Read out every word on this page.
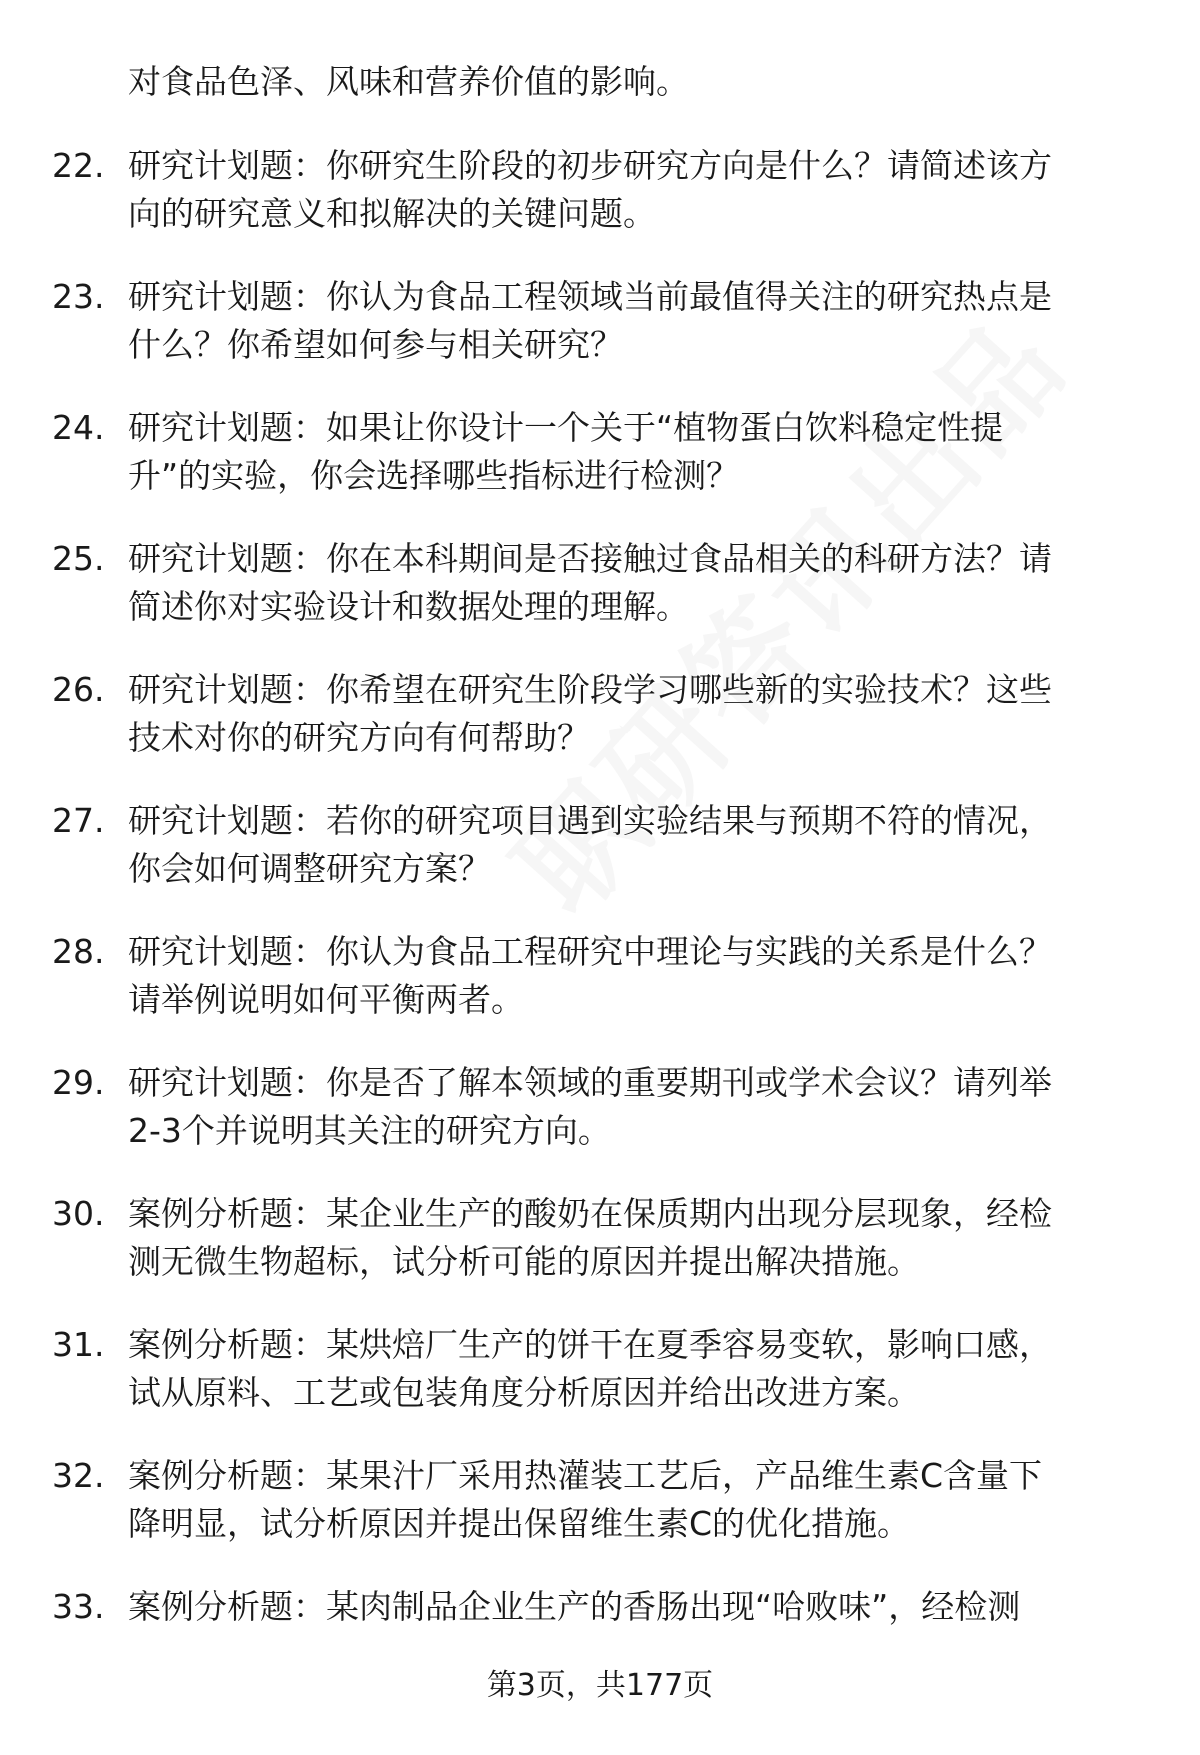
对食品色泽、风味和营养价值的影响。
22. 研究计划题：你研究生阶段的初步研究方向是什么？请简述该方
向的研究意义和拟解决的关键问题。
23. 研究计划题：你认为食品工程领域当前最值得关注的研究热点是
什么？你希望如何参与相关研究？
24. 研究计划题：如果让你设计一个关于“植物蛋白饮料稳定性提
升”的实验，你会选择哪些指标进行检测？
25. 研究计划题：你在本科期间是否接触过食品相关的科研方法？请
简述你对实验设计和数据处理的理解。
26. 研究计划题：你希望在研究生阶段学习哪些新的实验技术？这些
技术对你的研究方向有何帮助？
27. 研究计划题：若你的研究项目遇到实验结果与预期不符的情况，
你会如何调整研究方案？
28. 研究计划题：你认为食品工程研究中理论与实践的关系是什么？
请举例说明如何平衡两者。
29. 研究计划题：你是否了解本领域的重要期刊或学术会议？请列举
2-3个并说明其关注的研究方向。
30. 案例分析题：某企业生产的酸奶在保质期内出现分层现象，经检
测无微生物超标，试分析可能的原因并提出解决措施。
31. 案例分析题：某烘焙厂生产的饼干在夏季容易变软，影响口感，
试从原料、工艺或包装角度分析原因并给出改进方案。
32. 案例分析题：某果汁厂采用热灌装工艺后，产品维生素C含量下
降明显，试分析原因并提出保留维生素C的优化措施。
33. 案例分析题：某肉制品企业生产的香肠出现“哈败味”，经检测
第3页，共177页
